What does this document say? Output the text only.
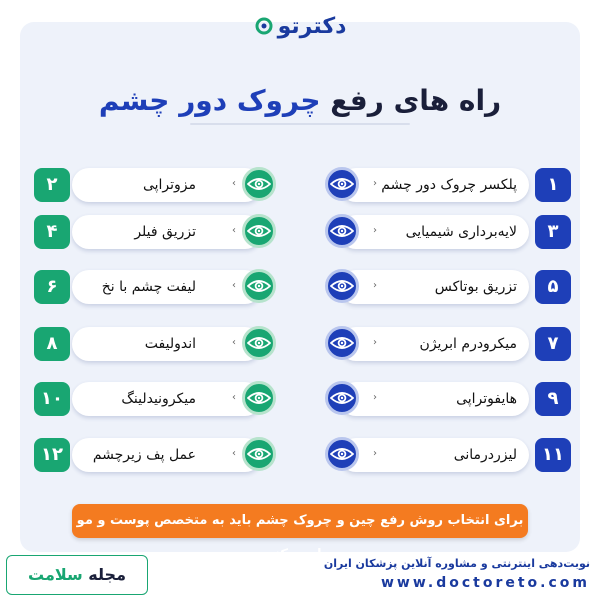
دکترتو
راه های رفع چروک دور چشم
۱
پلکسر چروک دور چشم
‹
۳
لایه‌برداری شیمیایی
‹
۵
تزریق بوتاکس
‹
۷
میکرودرم ابریژن
‹
۹
هایفوتراپی
‹
۱۱
لیزردرمانی
‹
۲	مزوتراپی	›
۴	تزریق فیلر	›
۶	لیفت چشم با نخ	›
۸	اندولیفت	›
۱۰	میکرونیدلینگ	›
۱۲	عمل پف زیرچشم	›
برای انتخاب روش رفع چین و چروک چشم باید به متخصص پوست و مو مراجعه کنید
مجله سلامت
نوبت‌دهی اینترنتی و مشاوره آنلاین پزشکان ایران
www.doctoreto.com
